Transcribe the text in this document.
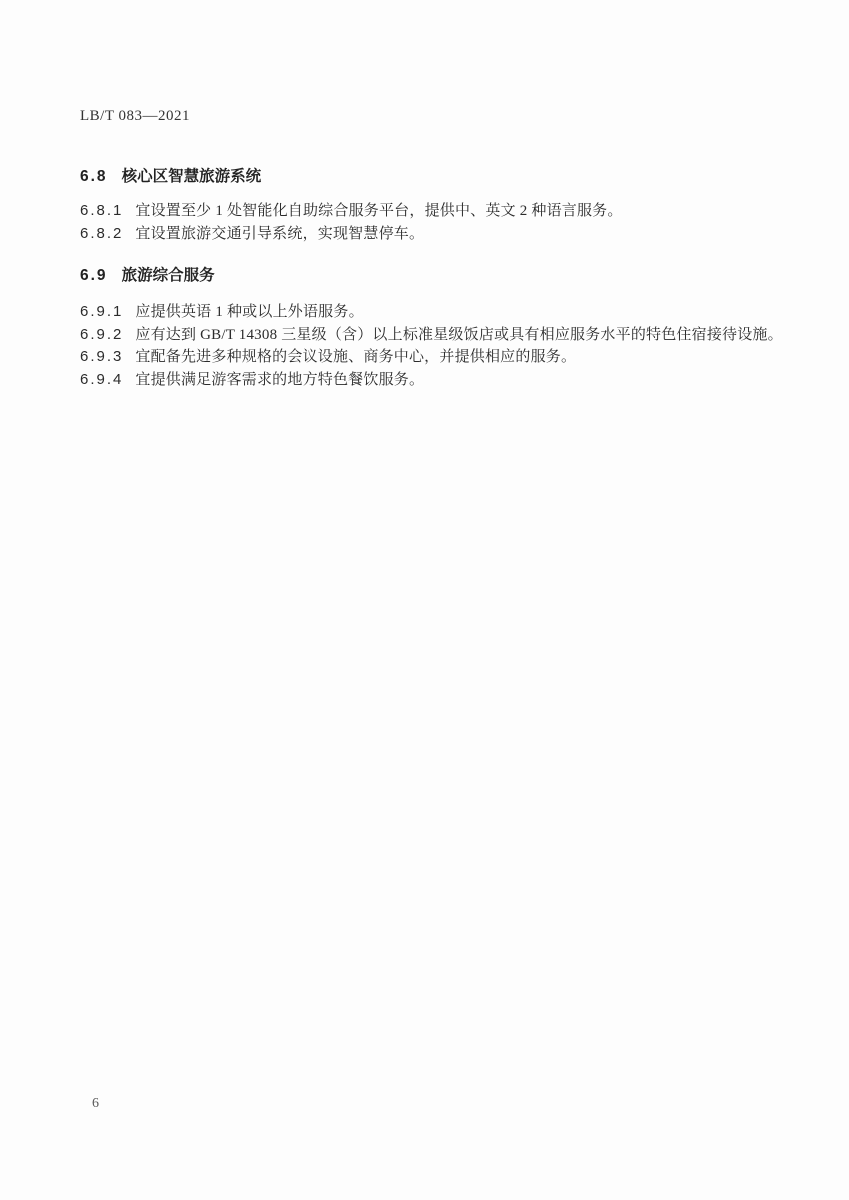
LB/T 083—2021
6.8 核心区智慧旅游系统
6.8.1 宜设置至少 1 处智能化自助综合服务平台，提供中、英文 2 种语言服务。
6.8.2 宜设置旅游交通引导系统，实现智慧停车。
6.9 旅游综合服务
6.9.1 应提供英语 1 种或以上外语服务。
6.9.2 应有达到 GB/T 14308 三星级（含）以上标准星级饭店或具有相应服务水平的特色住宿接待设施。
6.9.3 宜配备先进多种规格的会议设施、商务中心，并提供相应的服务。
6.9.4 宜提供满足游客需求的地方特色餐饮服务。
6
